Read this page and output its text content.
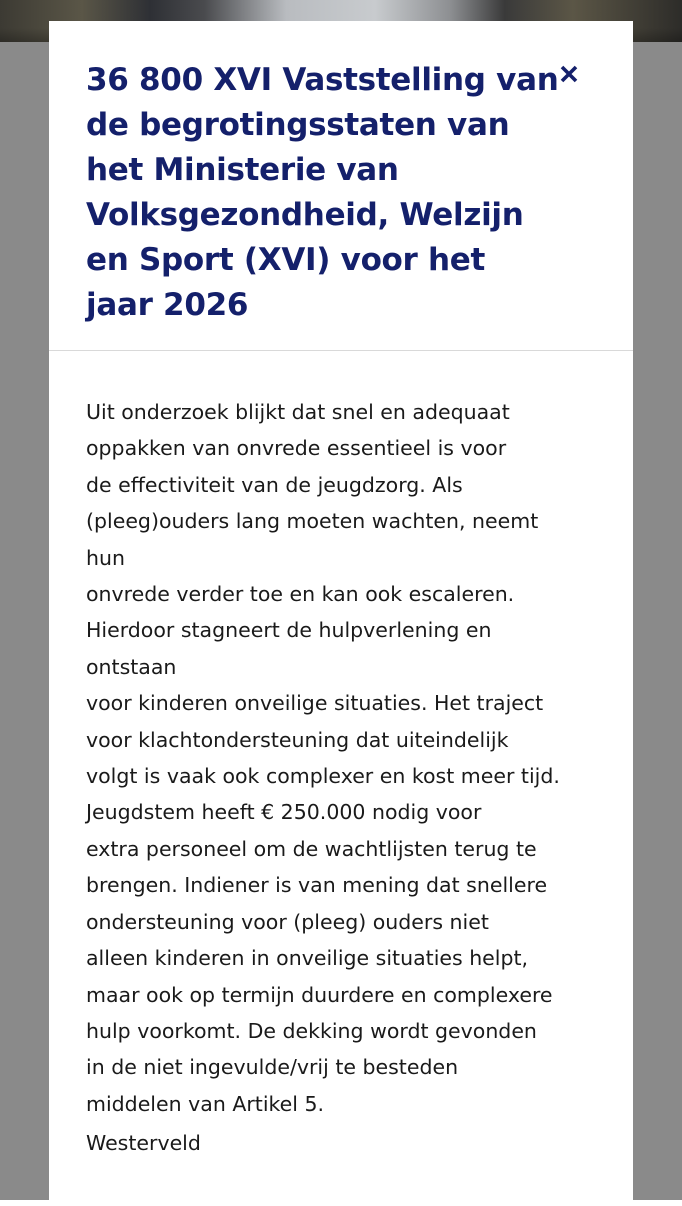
36 800 XVI Vaststelling van
de begrotingsstaten van
het Ministerie van
Volksgezondheid, Welzijn
en Sport (XVI) voor het
jaar 2026
Uit onderzoek blijkt dat snel en adequaat
oppakken van onvrede essentieel is voor
de effectiviteit van de jeugdzorg. Als
(pleeg)ouders lang moeten wachten, neemt
hun
onvrede verder toe en kan ook escaleren.
Hierdoor stagneert de hulpverlening en
ontstaan
voor kinderen onveilige situaties. Het traject
voor klachtondersteuning dat uiteindelijk
volgt is vaak ook complexer en kost meer tijd.
Jeugdstem heeft € 250.000 nodig voor
extra personeel om de wachtlijsten terug te
brengen. Indiener is van mening dat snellere
ondersteuning voor (pleeg) ouders niet
alleen kinderen in onveilige situaties helpt,
maar ook op termijn duurdere en complexere
hulp voorkomt. De dekking wordt gevonden
in de niet ingevulde/vrij te besteden
middelen van Artikel 5.
Westerveld
